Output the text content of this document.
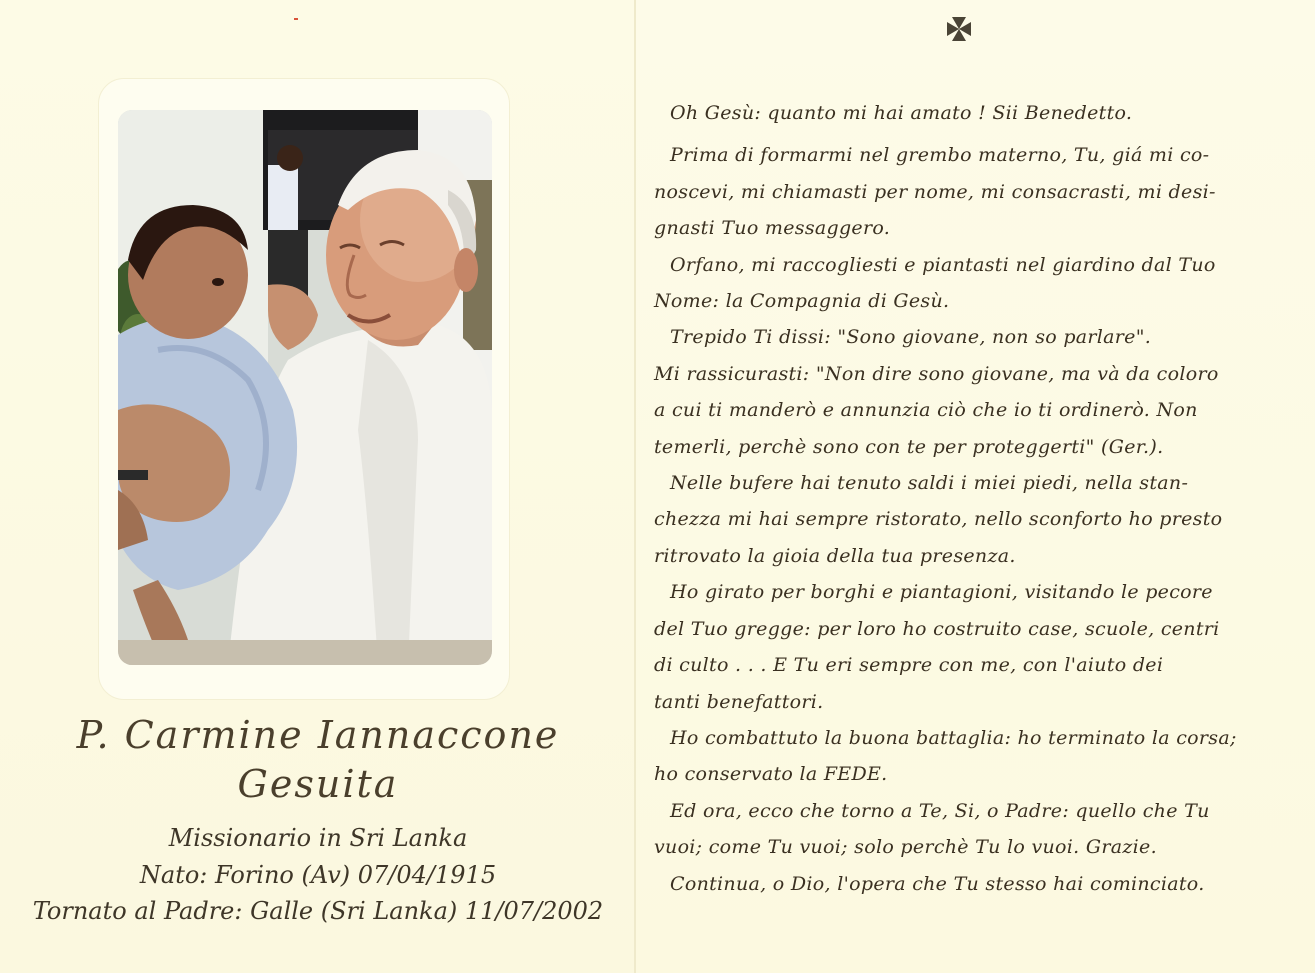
P. Carmine Iannaccone
Gesuita
Missionario in Sri Lanka
Nato: Forino (Av) 07/04/1915
Tornato al Padre: Galle (Sri Lanka) 11/07/2002

Oh Gesù: quanto mi hai amato ! Sii Benedetto.

Prima di formarmi nel grembo materno, Tu, giá mi co-

noscevi, mi chiamasti per nome, mi consacrasti, mi desi-

gnasti Tuo messaggero.

Orfano, mi raccogliesti e piantasti nel giardino dal Tuo

Nome: la Compagnia di Gesù.

Trepido Ti dissi: "Sono giovane, non so parlare".

Mi rassicurasti: "Non dire sono giovane, ma và da coloro

a cui ti manderò e annunzia ciò che io ti ordinerò. Non

temerli, perchè sono con te per proteggerti" (Ger.).

Nelle bufere hai tenuto saldi i miei piedi, nella stan-

chezza mi hai sempre ristorato, nello sconforto ho presto

ritrovato la gioia della tua presenza.

Ho girato per borghi e piantagioni, visitando le pecore

del Tuo gregge: per loro ho costruito case, scuole, centri

di culto . . . E Tu eri sempre con me, con l'aiuto dei

tanti benefattori.

Ho combattuto la buona battaglia: ho terminato la corsa;

ho conservato la FEDE.

Ed ora, ecco che torno a Te, Si, o Padre: quello che Tu

vuoi; come Tu vuoi; solo perchè Tu lo vuoi. Grazie.

Continua, o Dio, l'opera che Tu stesso hai cominciato.
